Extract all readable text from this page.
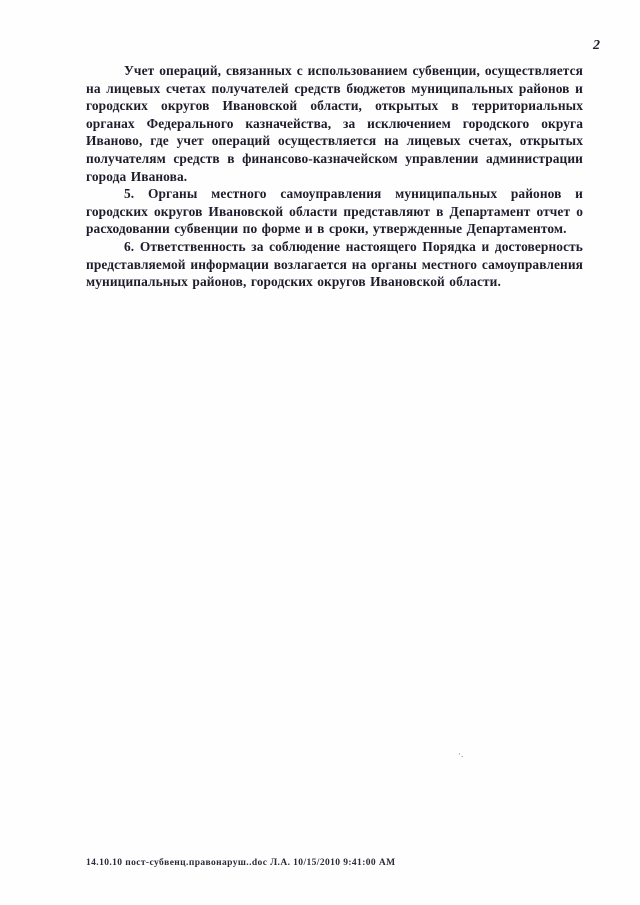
2

Учет операций, связанных с использованием субвенции, осуществляется на лицевых счетах получателей средств бюджетов муниципальных районов и городских округов Ивановской области, открытых в территориальных органах Федерального казначейства, за исключением городского округа Иваново, где учет операций осуществляется на лицевых счетах, открытых получателям средств в финансово-казначейском управлении администрации города Иванова.

5. Органы местного самоуправления муниципальных районов и городских округов Ивановской области представляют в Департамент отчет о расходовании субвенции по форме и в сроки, утвержденные Департаментом.

6. Ответственность за соблюдение настоящего Порядка и достоверность представляемой информации возлагается на органы местного самоуправления муниципальных районов, городских округов Ивановской области.

·.
14.10.10 пост-субвенц.правонаруш..doc Л.А. 10/15/2010 9:41:00 AM
